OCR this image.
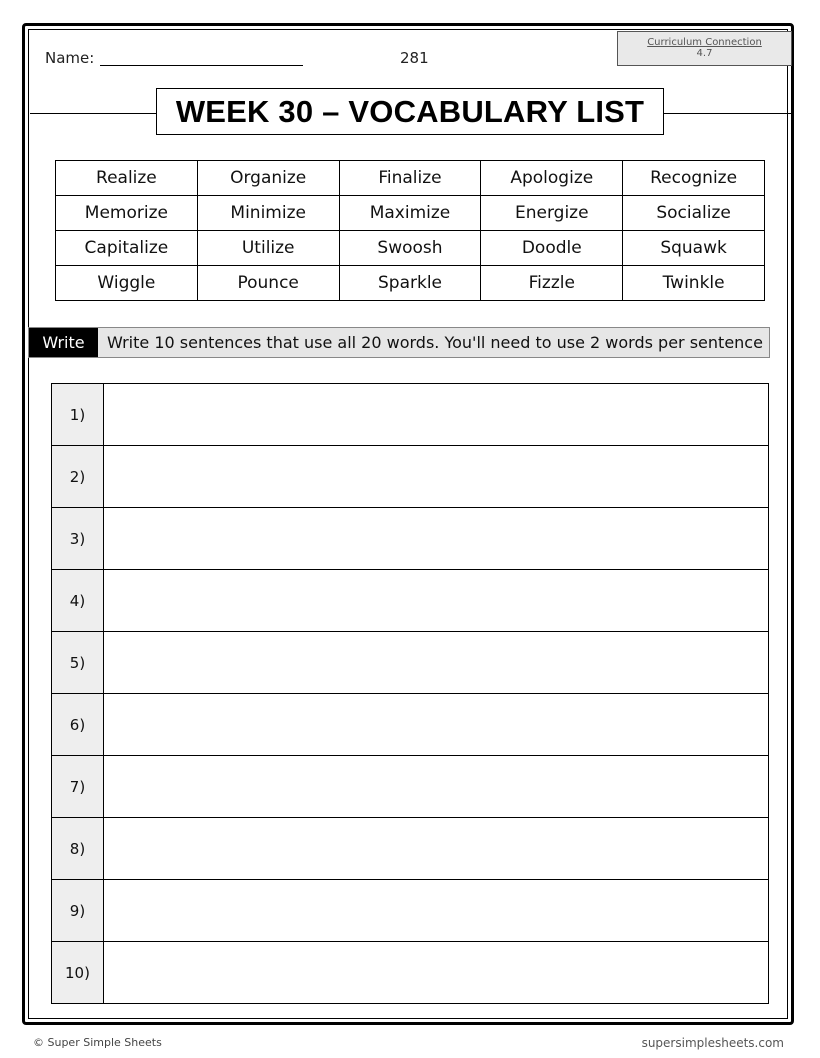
Name:	281
Curriculum Connection
4.7
WEEK 30 – VOCABULARY LIST
Realize	Organize	Finalize	Apologize	Recognize
Memorize	Minimize	Maximize	Energize	Socialize
Capitalize	Utilize	Swoosh	Doodle	Squawk
Wiggle	Pounce	Sparkle	Fizzle	Twinkle
Write	Write 10 sentences that use all 20 words. You'll need to use 2 words per sentence
1)	
2)	
3)	
4)	
5)	
6)	
7)	
8)	
9)	
10)	
© Super Simple Sheets	supersimplesheets.com
